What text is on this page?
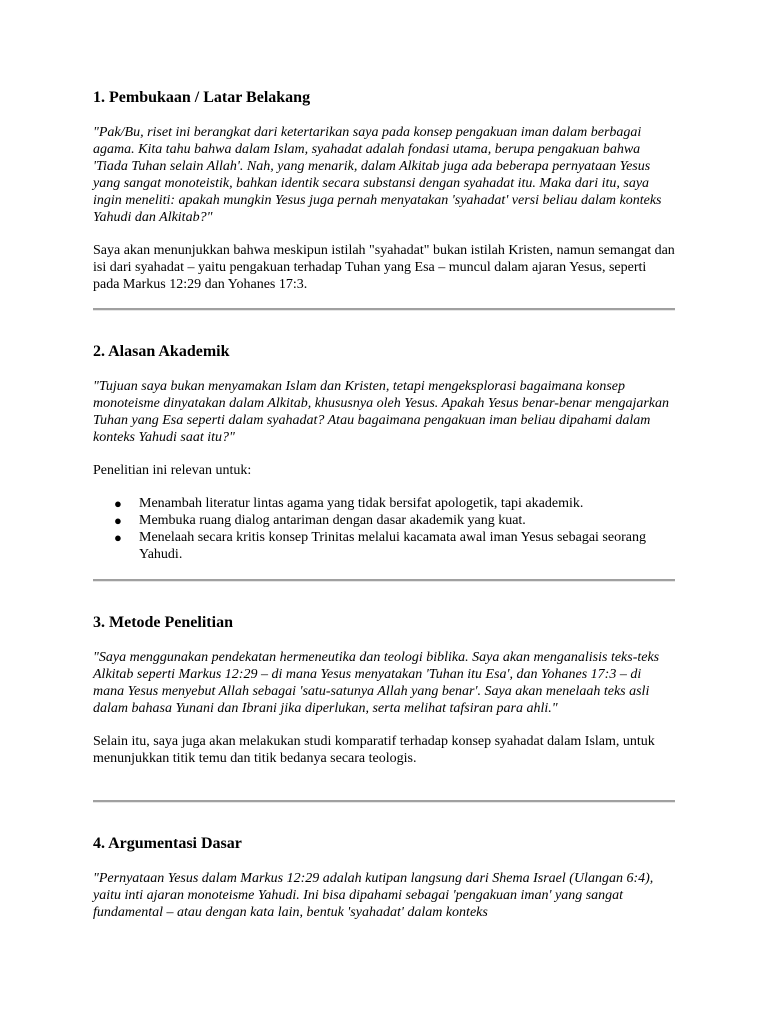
1. Pembukaan / Latar Belakang

"Pak/Bu, riset ini berangkat dari ketertarikan saya pada konsep pengakuan iman dalam berbagai agama. Kita tahu bahwa dalam Islam, syahadat adalah fondasi utama, berupa pengakuan bahwa 'Tiada Tuhan selain Allah'. Nah, yang menarik, dalam Alkitab juga ada beberapa pernyataan Yesus yang sangat monoteistik, bahkan identik secara substansi dengan syahadat itu. Maka dari itu, saya ingin meneliti: apakah mungkin Yesus juga pernah menyatakan 'syahadat' versi beliau dalam konteks Yahudi dan Alkitab?"

Saya akan menunjukkan bahwa meskipun istilah "syahadat" bukan istilah Kristen, namun semangat dan isi dari syahadat – yaitu pengakuan terhadap Tuhan yang Esa – muncul dalam ajaran Yesus, seperti pada Markus 12:29 dan Yohanes 17:3.

2. Alasan Akademik

"Tujuan saya bukan menyamakan Islam dan Kristen, tetapi mengeksplorasi bagaimana konsep monoteisme dinyatakan dalam Alkitab, khususnya oleh Yesus. Apakah Yesus benar-benar mengajarkan Tuhan yang Esa seperti dalam syahadat? Atau bagaimana pengakuan iman beliau dipahami dalam konteks Yahudi saat itu?"

Penelitian ini relevan untuk:

● Menambah literatur lintas agama yang tidak bersifat apologetik, tapi akademik.
● Membuka ruang dialog antariman dengan dasar akademik yang kuat.
● Menelaah secara kritis konsep Trinitas melalui kacamata awal iman Yesus sebagai seorang Yahudi.
3. Metode Penelitian

"Saya menggunakan pendekatan hermeneutika dan teologi biblika. Saya akan menganalisis teks-teks Alkitab seperti Markus 12:29 – di mana Yesus menyatakan 'Tuhan itu Esa', dan Yohanes 17:3 – di mana Yesus menyebut Allah sebagai 'satu-satunya Allah yang benar'. Saya akan menelaah teks asli dalam bahasa Yunani dan Ibrani jika diperlukan, serta melihat tafsiran para ahli."

Selain itu, saya juga akan melakukan studi komparatif terhadap konsep syahadat dalam Islam, untuk menunjukkan titik temu dan titik bedanya secara teologis.

4. Argumentasi Dasar

"Pernyataan Yesus dalam Markus 12:29 adalah kutipan langsung dari Shema Israel (Ulangan 6:4), yaitu inti ajaran monoteisme Yahudi. Ini bisa dipahami sebagai 'pengakuan iman' yang sangat fundamental – atau dengan kata lain, bentuk 'syahadat' dalam konteks
